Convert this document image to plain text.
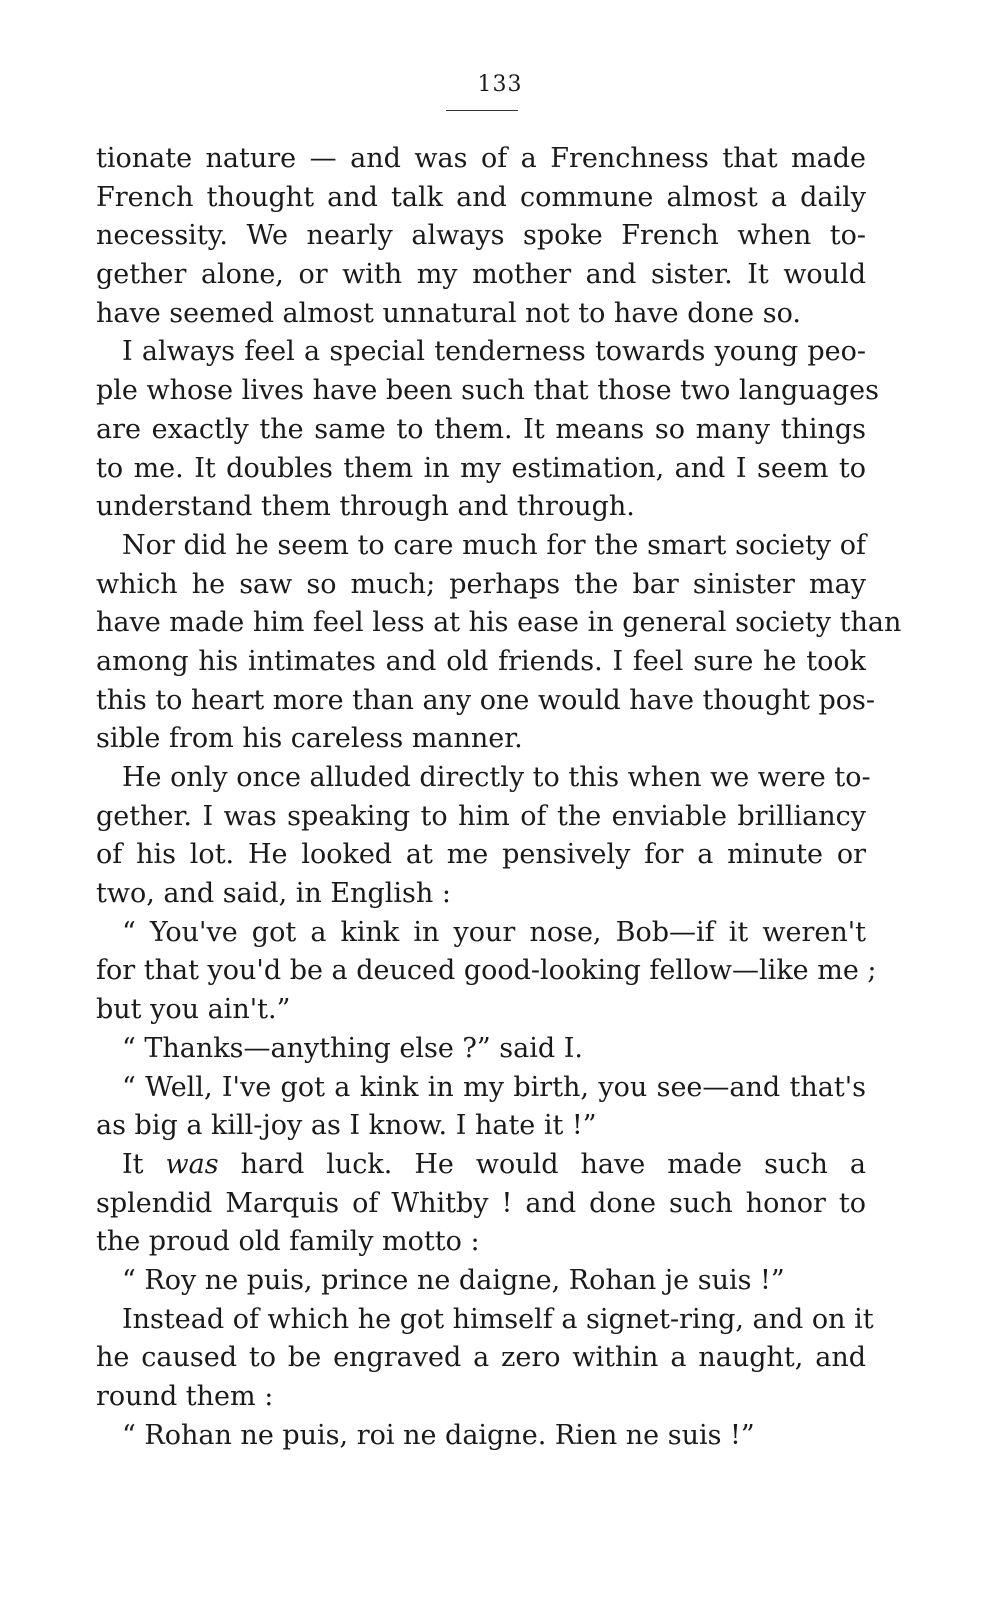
133
tionate nature — and was of a Frenchness that made
French thought and talk and commune almost a daily
necessity. We nearly always spoke French when to-
gether alone, or with my mother and sister. It would
have seemed almost unnatural not to have done so.
I always feel a special tenderness towards young peo-
ple whose lives have been such that those two languages
are exactly the same to them. It means so many things
to me. It doubles them in my estimation, and I seem to
understand them through and through.
Nor did he seem to care much for the smart society of
which he saw so much; perhaps the bar sinister may
have made him feel less at his ease in general society than
among his intimates and old friends. I feel sure he took
this to heart more than any one would have thought pos-
sible from his careless manner.
He only once alluded directly to this when we were to-
gether. I was speaking to him of the enviable brilliancy
of his lot. He looked at me pensively for a minute or
two, and said, in English :
“ You've got a kink in your nose, Bob—if it weren't
for that you'd be a deuced good-looking fellow—like me ;
but you ain't.”
“ Thanks—anything else ?” said I.
“ Well, I've got a kink in my birth, you see—and that's
as big a kill-joy as I know. I hate it !”
It was hard luck. He would have made such a
splendid Marquis of Whitby ! and done such honor to
the proud old family motto :
“ Roy ne puis, prince ne daigne, Rohan je suis !”
Instead of which he got himself a signet-ring, and on it
he caused to be engraved a zero within a naught, and
round them :
“ Rohan ne puis, roi ne daigne. Rien ne suis !”
